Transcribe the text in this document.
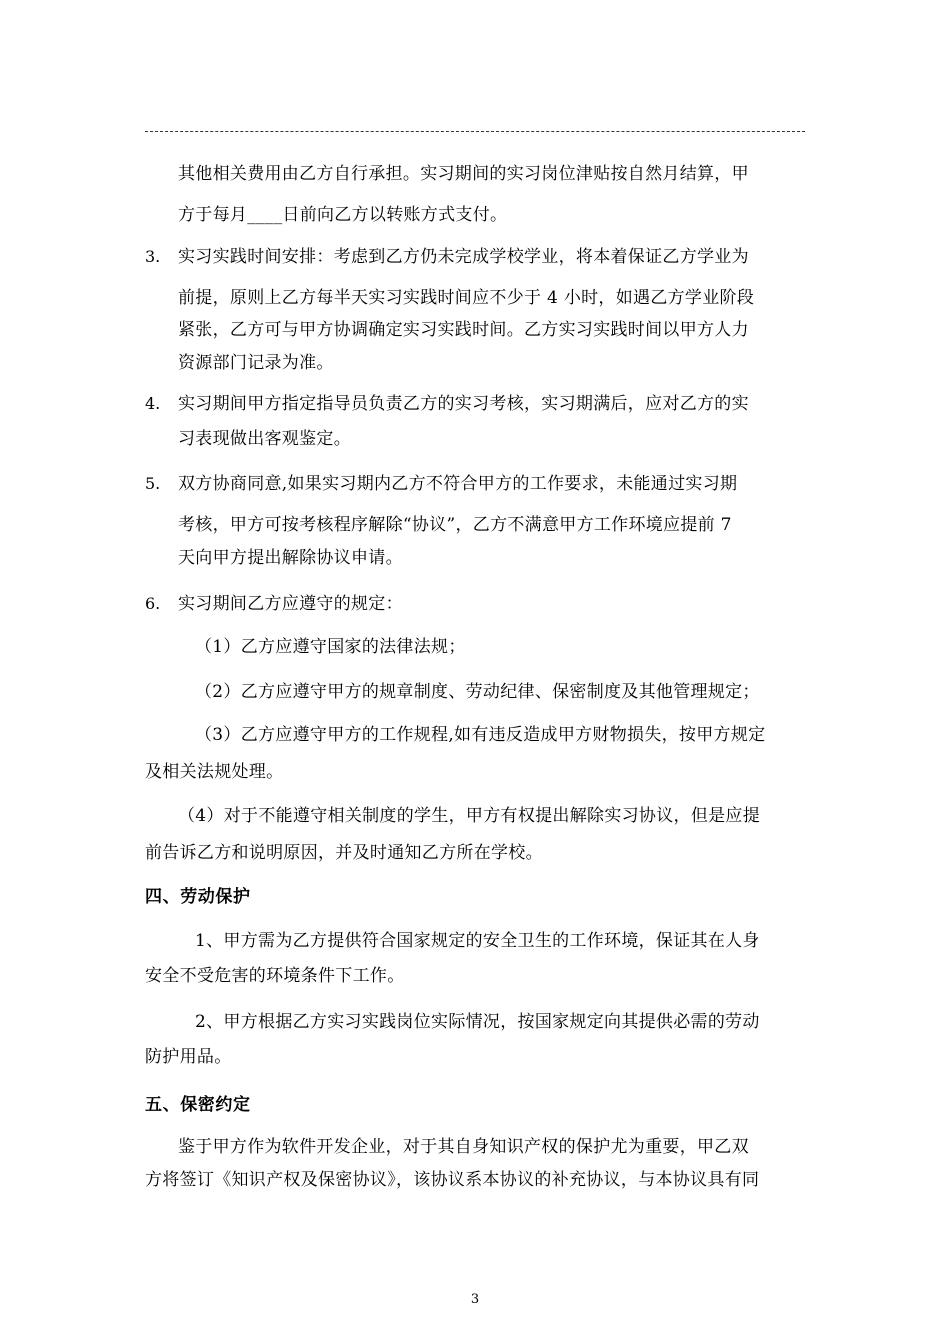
其他相关费用由乙方自行承担。实习期间的实习岗位津贴按自然月结算，甲
方于每月____日前向乙方以转账方式支付。
3. 实习实践时间安排：考虑到乙方仍未完成学校学业，将本着保证乙方学业为
前提，原则上乙方每半天实习实践时间应不少于 4 小时，如遇乙方学业阶段
紧张，乙方可与甲方协调确定实习实践时间。乙方实习实践时间以甲方人力
资源部门记录为准。
4. 实习期间甲方指定指导员负责乙方的实习考核，实习期满后，应对乙方的实
习表现做出客观鉴定。
5. 双方协商同意,如果实习期内乙方不符合甲方的工作要求，未能通过实习期
考核，甲方可按考核程序解除“协议”，乙方不满意甲方工作环境应提前 7
天向甲方提出解除协议申请。
6. 实习期间乙方应遵守的规定：
（1）乙方应遵守国家的法律法规；
（2）乙方应遵守甲方的规章制度、劳动纪律、保密制度及其他管理规定；
（3）乙方应遵守甲方的工作规程,如有违反造成甲方财物损失，按甲方规定
及相关法规处理。
（4）对于不能遵守相关制度的学生，甲方有权提出解除实习协议，但是应提
前告诉乙方和说明原因，并及时通知乙方所在学校。
四、劳动保护
1、甲方需为乙方提供符合国家规定的安全卫生的工作环境，保证其在人身
安全不受危害的环境条件下工作。
2、甲方根据乙方实习实践岗位实际情况，按国家规定向其提供必需的劳动
防护用品。
五、保密约定
鉴于甲方作为软件开发企业，对于其自身知识产权的保护尤为重要，甲乙双
方将签订《知识产权及保密协议》，该协议系本协议的补充协议，与本协议具有同
3
